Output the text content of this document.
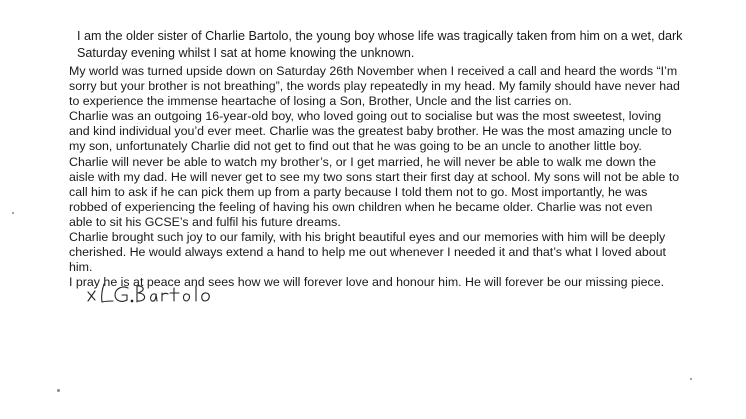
I am the older sister of Charlie Bartolo, the young boy whose life was tragically taken from him on a wet, dark
Saturday evening whilst I sat at home knowing the unknown.

My world was turned upside down on Saturday 26th November when I received a call and heard the words “I’m

sorry but your brother is not breathing”, the words play repeatedly in my head. My family should have never had

to experience the immense heartache of losing a Son, Brother, Uncle and the list carries on.

Charlie was an outgoing 16-year-old boy, who loved going out to socialise but was the most sweetest, loving

and kind individual you’d ever meet. Charlie was the greatest baby brother. He was the most amazing uncle to

my son, unfortunately Charlie did not get to find out that he was going to be an uncle to another little boy.

Charlie will never be able to watch my brother’s, or I get married, he will never be able to walk me down the

aisle with my dad. He will never get to see my two sons start their first day at school. My sons will not be able to

call him to ask if he can pick them up from a party because I told them not to go. Most importantly, he was

robbed of experiencing the feeling of having his own children when he became older. Charlie was not even

able to sit his GCSE’s and fulfil his future dreams.

Charlie brought such joy to our family, with his bright beautiful eyes and our memories with him will be deeply

cherished. He would always extend a hand to help me out whenever I needed it and that’s what I loved about

him.

I pray he is at peace and sees how we will forever love and honour him. He will forever be our missing piece.
